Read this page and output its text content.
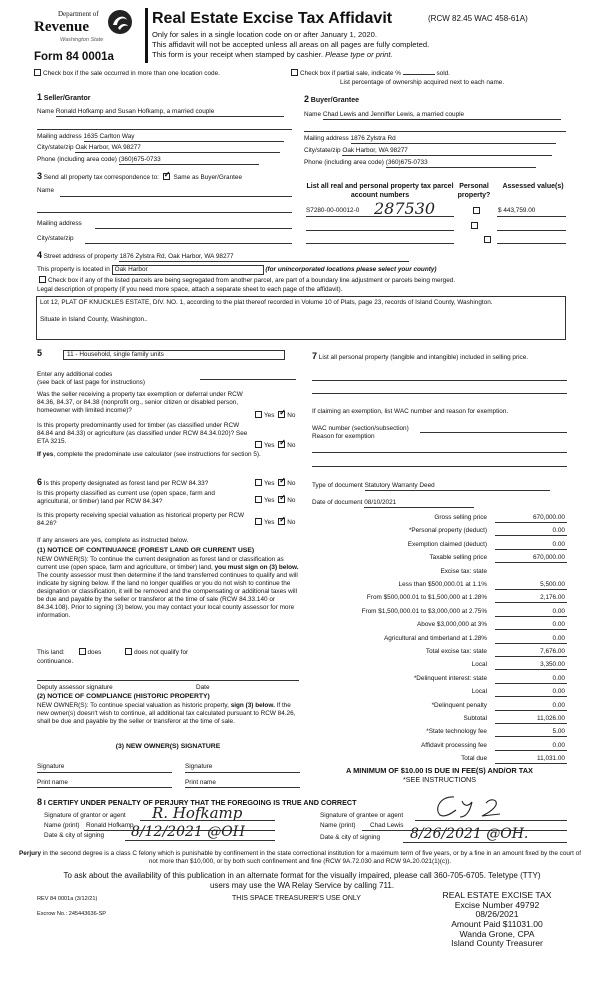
Department of
Revenue
Washington State
Form 84 0001a
Real Estate Excise Tax Affidavit	(RCW 82.45 WAC 458-61A)
Only for sales in a single location code on or after January 1, 2020.
This affidavit will not be accepted unless all areas on all pages are fully completed.
This form is your receipt when stamped by cashier. Please type or print.
Check box if the sale occurred in more than one location code.	Check box if partial sale, indicate %	sold.
List percentage of ownership acquired next to each name.
1 Seller/Grantor
Name Ronald Hofkamp and Susan Hofkamp, a married couple
Mailing address 1635 Carlton Way
City/state/zip Oak Harbor, WA 98277
Phone (including area code) (360)675-0733
2 Buyer/Grantee
Name Chad Lewis and Jenniffer Lewis, a married couple
Mailing address 1876 Zylstra Rd
City/state/zip Oak Harbor, WA 98277
Phone (including area code) (360)675-0733
3 Send all property tax correspondence to: ✓ Same as Buyer/Grantee
Name
Mailing address
City/state/zip
List all real and personal property tax parcel account numbers
Personal property?
Assessed value(s)
S7280-00-00012-0 287530	$ 443,759.00

4 Street address of property 1876 Zylstra Rd, Oak Harbor, WA 98277
This property is located in Oak Harbor	(for unincorporated locations please select your county)
Check box if any of the listed parcels are being segregated from another parcel, are part of a boundary line adjustment or parcels being merged.
Legal description of property (if you need more space, attach a separate sheet to each page of the affidavit).
Lot 12, PLAT OF KNUCKLES ESTATE, DIV. NO. 1, according to the plat thereof recorded in Volume 10 of Plats, page 23, records of Island County, Washington.
Situate in Island County, Washington..
5	11 - Household, single family units
Enter any additional codes
(see back of last page for instructions)
Was the seller receiving a property tax exemption or deferral under RCW 84.36, 84.37, or 84.38 (nonprofit org., senior citizen or disabled person, homeowner with limited income)?
Yes ✓ No
Is this property predominantly used for timber (as classified under RCW 84.84 and 84.33) or agriculture (as classified under RCW 84.34.020)? See ETA 3215.
Yes ✓ No
If yes, complete the predominate use calculator (see instructions for section 5).
6 Is this property designated as forest land per RCW 84.33?	Yes ✓ No
Is this property classified as current use (open space, farm and agricultural, or timber) land per RCW 84.34?	Yes ✓ No
Is this property receiving special valuation as historical property per RCW 84.26?	Yes ✓ No
If any answers are yes, complete as instructed below.
(1) NOTICE OF CONTINUANCE (FOREST LAND OR CURRENT USE)
NEW OWNER(S): To continue the current designation as forest land or classification as current use (open space, farm and agriculture, or timber) land, you must sign on (3) below. The county assessor must then determine if the land transferred continues to qualify and will indicate by signing below. If the land no longer qualifies or you do not wish to continue the designation or classification, it will be removed and the compensating or additional taxes will be due and payable by the seller or transferor at the time of sale (RCW 84.33.140 or 84.34.108). Prior to signing (3) below, you may contact your local county assessor for more information.
This land:	does	does not qualify for
continuance.
Deputy assessor signature	Date
(2) NOTICE OF COMPLIANCE (HISTORIC PROPERTY)
NEW OWNER(S): To continue special valuation as historic property, sign (3) below. If the new owner(s) doesn't wish to continue, all additional tax calculated pursuant to RCW 84.26, shall be due and payable by the seller or transferor at the time of sale.
(3) NEW OWNER(S) SIGNATURE
Signature	Signature
Print name	Print name
7 List all personal property (tangible and intangible) included in selling price.
If claiming an exemption, list WAC number and reason for exemption.
WAC number (section/subsection)
Reason for exemption
Type of document Statutory Warranty Deed
Date of document 08/10/2021
Gross selling price	670,000.00
*Personal property (deduct)	0.00
Exemption claimed (deduct)	0.00
Taxable selling price	670,000.00
Excise tax: state
Less than $500,000.01 at 1.1%	5,500.00
From $500,000.01 to $1,500,000 at 1.28%	2,176.00
From $1,500,000.01 to $3,000,000 at 2.75%	0.00
Above $3,000,000 at 3%	0.00
Agricultural and timberland at 1.28%	0.00
Total excise tax: state	7,676.00
Local	3,350.00
*Delinquent interest: state	0.00
Local	0.00
*Delinquent penalty	0.00
Subtotal	11,026.00
*State technology fee	5.00
Affidavit processing fee	0.00
Total due	11,031.00
A MINIMUM OF $10.00 IS DUE IN FEE(S) AND/OR TAX
*SEE INSTRUCTIONS
8 I CERTIFY UNDER PENALTY OF PERJURY THAT THE FOREGOING IS TRUE AND CORRECT
Signature of grantor or agent R. Hofkamp
Name (print) Ronald Hofkamp
Date & city of signing 8/12/2021 @OH
Signature of grantee or agent
Name (print) Chad Lewis
Date & city of signing 8/26/2021 @OH.
Perjury in the second degree is a class C felony which is punishable by confinement in the state correctional institution for a maximum term of five years, or by a fine in an amount fixed by the court of not more than $10,000, or by both such confinement and fine (RCW 9A.72.030 and RCW 9A.20.021(1)(c)).
To ask about the availability of this publication in an alternate format for the visually impaired, please call 360-705-6705. Teletype (TTY) users may use the WA Relay Service by calling 711.
REV 84 0001a (3/12/21)	THIS SPACE TREASURER'S USE ONLY
Escrow No.: 245443636-SP
REAL ESTATE EXCISE TAX
Excise Number 49792
08/26/2021
Amount Paid $11031.00
Wanda Grone, CPA
Island County Treasurer
